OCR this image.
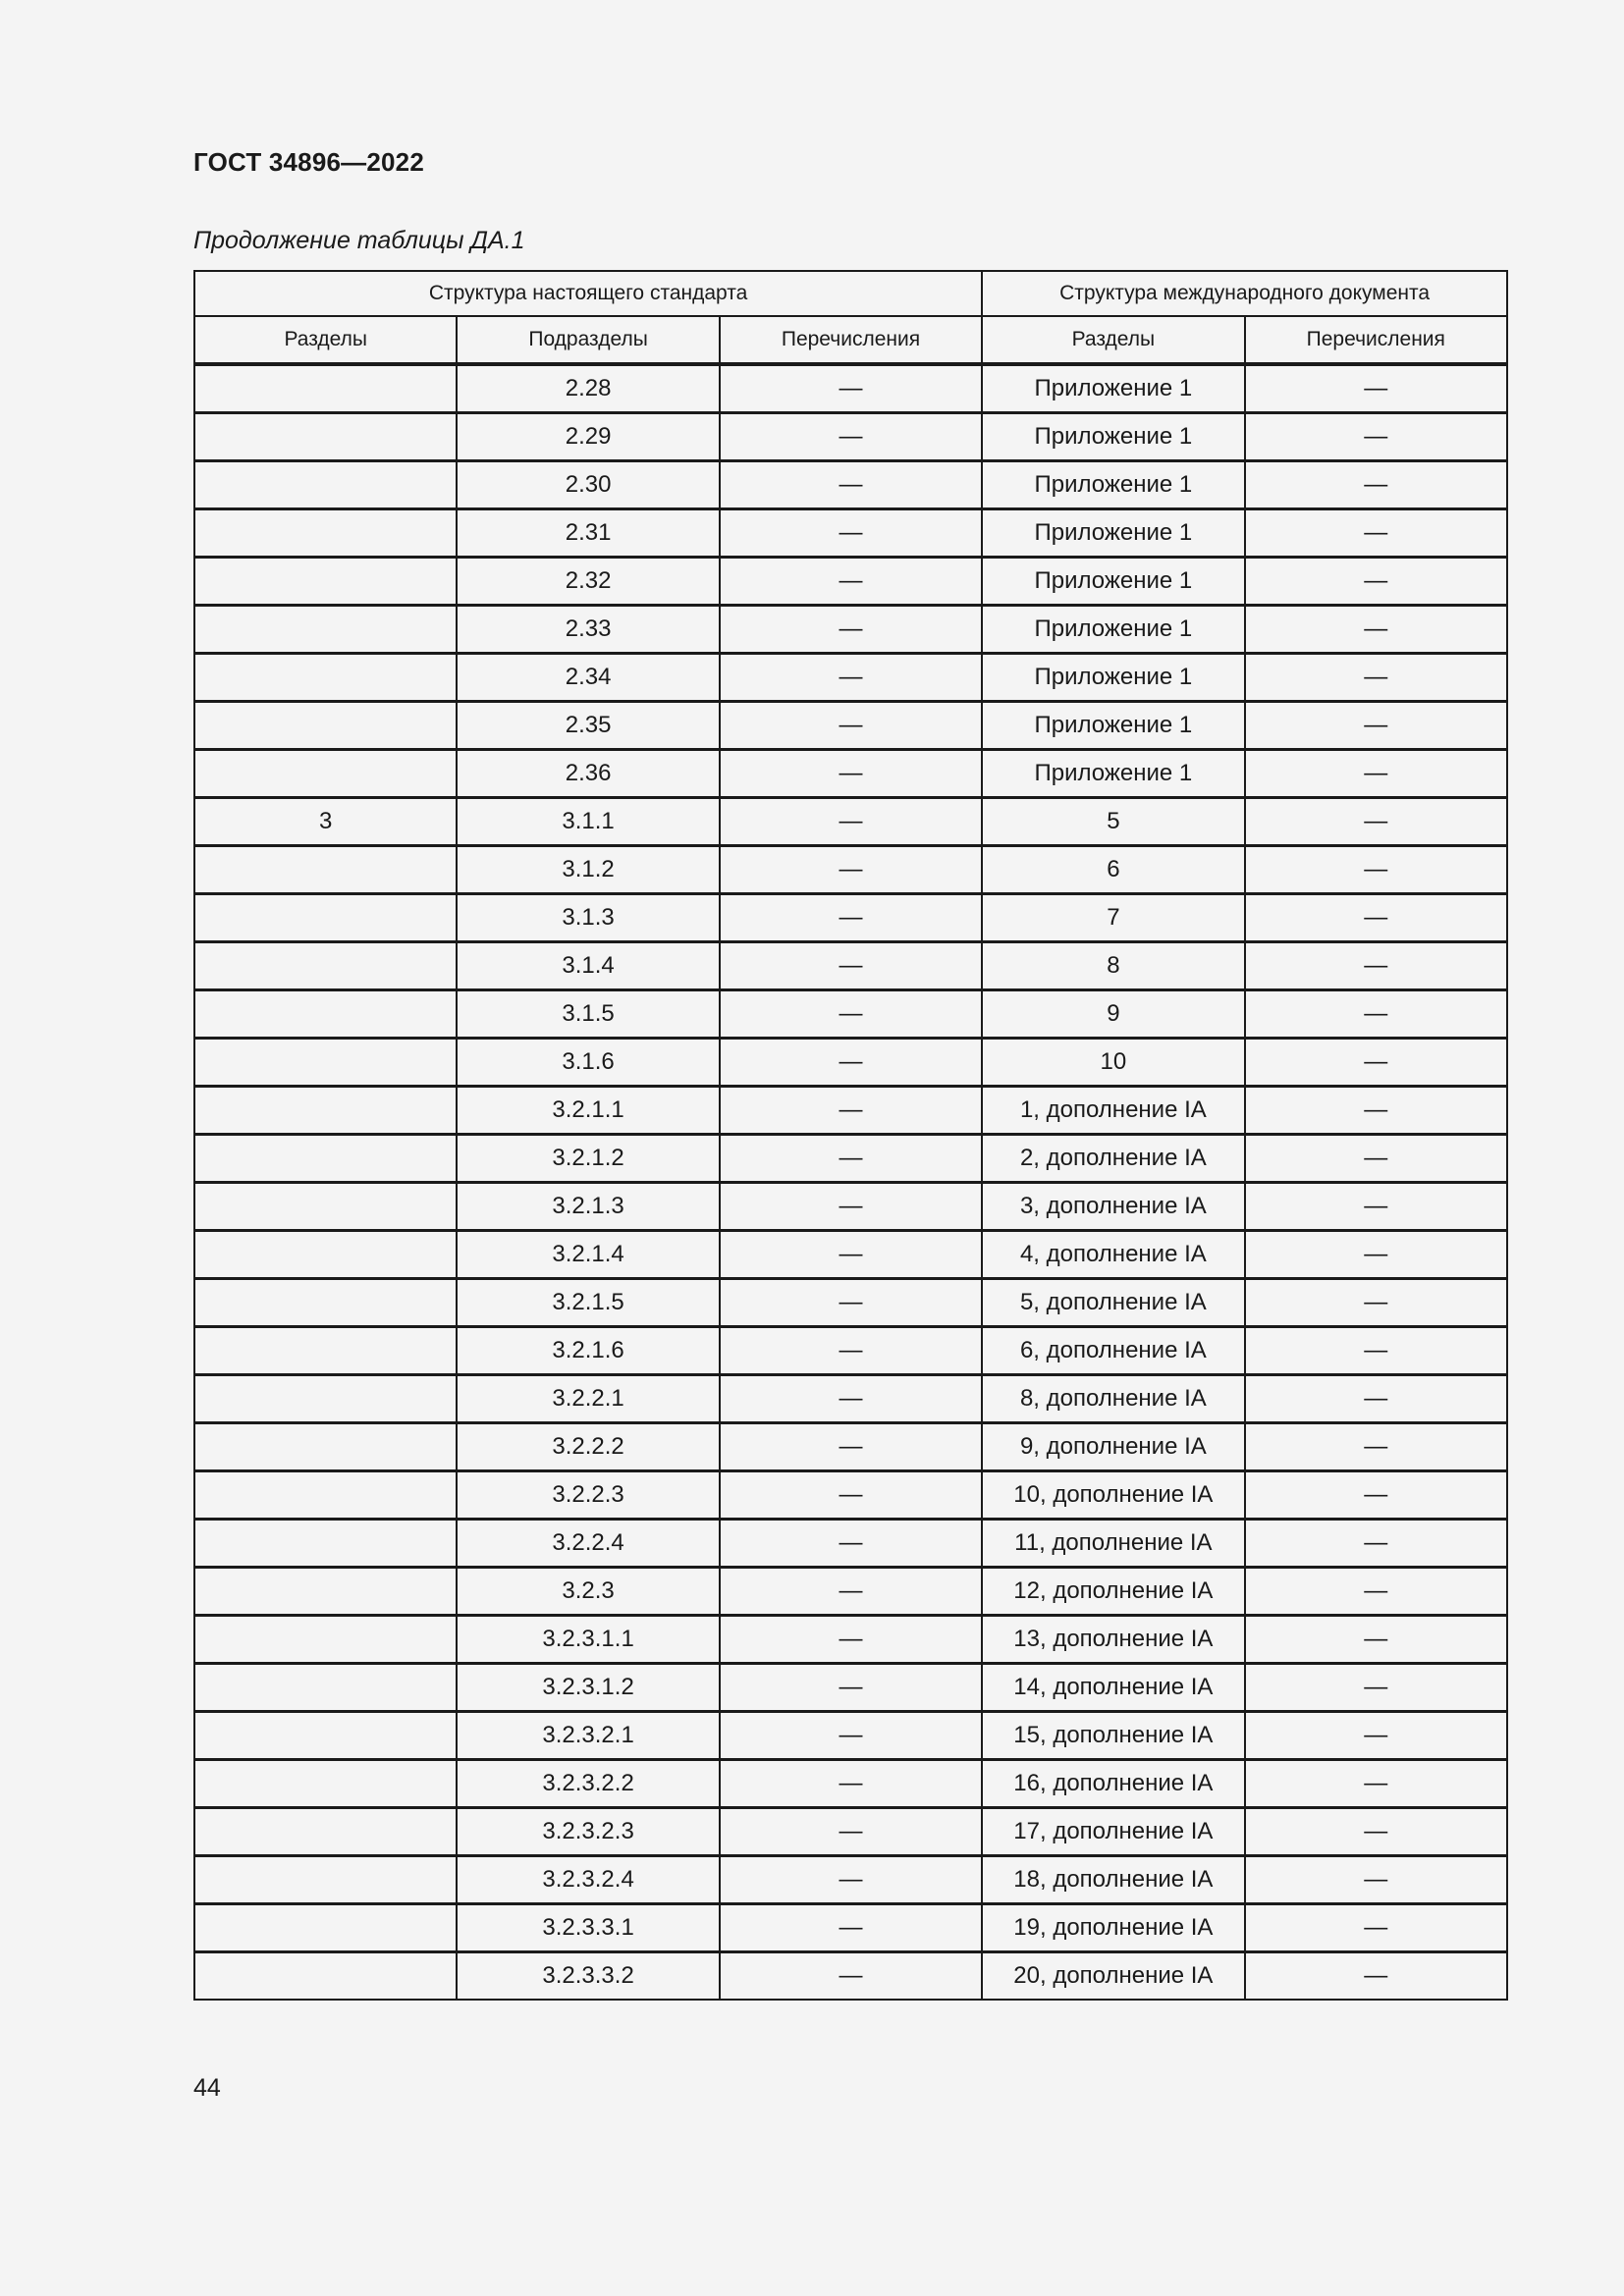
ГОСТ 34896—2022
Продолжение таблицы ДА.1
Структура настоящего стандарта			Структура международного документа	
Разделы	Подразделы	Перечисления	Разделы	Перечисления
	2.28	—	Приложение 1	—
	2.29	—	Приложение 1	—
	2.30	—	Приложение 1	—
	2.31	—	Приложение 1	—
	2.32	—	Приложение 1	—
	2.33	—	Приложение 1	—
	2.34	—	Приложение 1	—
	2.35	—	Приложение 1	—
	2.36	—	Приложение 1	—
3	3.1.1	—	5	—
	3.1.2	—	6	—
	3.1.3	—	7	—
	3.1.4	—	8	—
	3.1.5	—	9	—
	3.1.6	—	10	—
	3.2.1.1	—	1, дополнение IA	—
	3.2.1.2	—	2, дополнение IA	—
	3.2.1.3	—	3, дополнение IA	—
	3.2.1.4	—	4, дополнение IA	—
	3.2.1.5	—	5, дополнение IA	—
	3.2.1.6	—	6, дополнение IA	—
	3.2.2.1	—	8, дополнение IA	—
	3.2.2.2	—	9, дополнение IA	—
	3.2.2.3	—	10, дополнение IA	—
	3.2.2.4	—	11, дополнение IA	—
	3.2.3	—	12, дополнение IA	—
	3.2.3.1.1	—	13, дополнение IA	—
	3.2.3.1.2	—	14, дополнение IA	—
	3.2.3.2.1	—	15, дополнение IA	—
	3.2.3.2.2	—	16, дополнение IA	—
	3.2.3.2.3	—	17, дополнение IA	—
	3.2.3.2.4	—	18, дополнение IA	—
	3.2.3.3.1	—	19, дополнение IA	—
	3.2.3.3.2	—	20, дополнение IA	—
44
